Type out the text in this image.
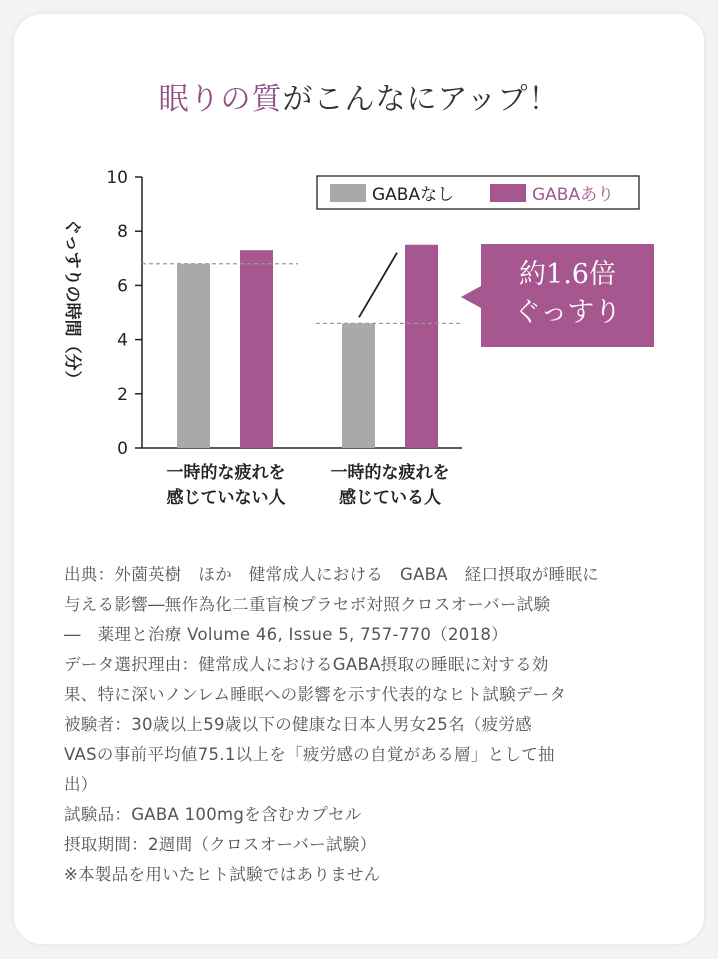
眠りの質がこんなにアップ！
0
2
4
6
8
10
ぐっすりの時間（分）
GABAなし	GABAあり
一時的な疲れを
感じていない人
一時的な疲れを
感じている人
約1.6倍
ぐっすり
出典：外薗英樹　ほか　健常成人における　GABA　経口摂取が睡眠に
与える影響―無作為化二重盲検プラセボ対照クロスオーバー試験
―　薬理と治療 Volume 46, Issue 5, 757-770（2018）
データ選択理由：健常成人におけるGABA摂取の睡眠に対する効
果、特に深いノンレム睡眠への影響を示す代表的なヒト試験データ
被験者：30歳以上59歳以下の健康な日本人男女25名（疲労感
VASの事前平均値75.1以上を「疲労感の自覚がある層」として抽
出）
試験品：GABA 100mgを含むカプセル
摂取期間：2週間（クロスオーバー試験）
※本製品を用いたヒト試験ではありません
